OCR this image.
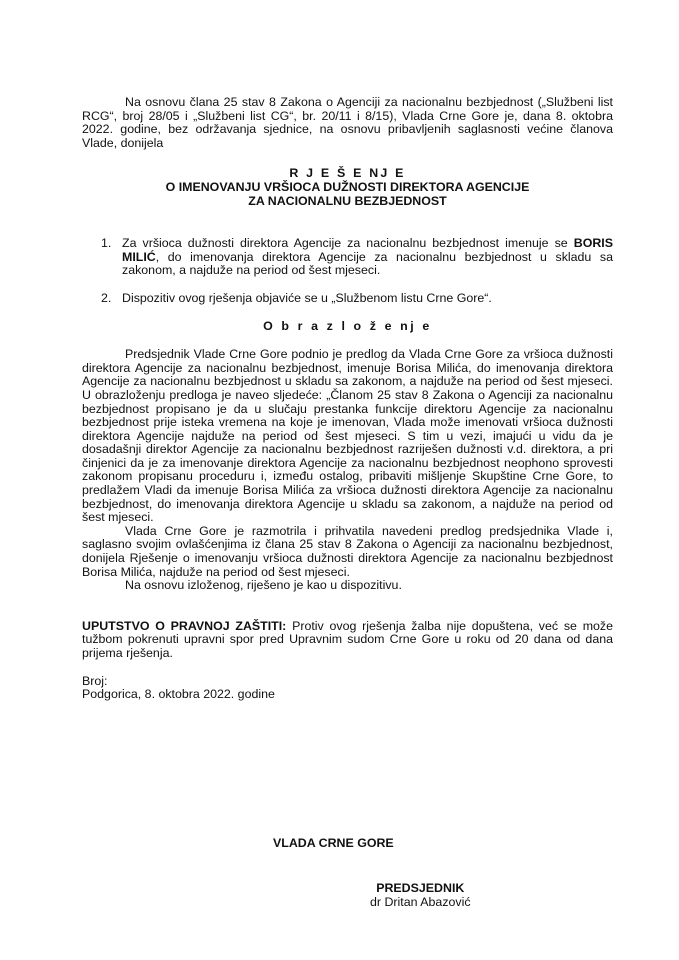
Na osnovu člana 25 stav 8 Zakona o Agenciji za nacionalnu bezbjednost („Službeni list RCG“, broj 28/05 i „Službeni list CG“, br. 20/11 i 8/15), Vlada Crne Gore je, dana 8. oktobra 2022. godine, bez održavanja sjednice, na osnovu pribavljenih saglasnosti većine članova Vlade, donijela

R J E Š E NJ E
O IMENOVANJU VRŠIOCA DUŽNOSTI DIREKTORA AGENCIJE
ZA NACIONALNU BEZBJEDNOST
1. Za vršioca dužnosti direktora Agencije za nacionalnu bezbjednost imenuje se BORIS MILIĆ, do imenovanja direktora Agencije za nacionalnu bezbjednost u skladu sa zakonom, a najduže na period od šest mjeseci.
2. Dispozitiv ovog rješenja objaviće se u „Službenom listu Crne Gore“.
O b r a z l o ž e nj e

Predsjednik Vlade Crne Gore podnio je predlog da Vlada Crne Gore za vršioca dužnosti direktora Agencije za nacionalnu bezbjednost, imenuje Borisa Milića, do imenovanja direktora Agencije za nacionalnu bezbjednost u skladu sa zakonom, a najduže na period od šest mjeseci. U obrazloženju predloga je naveo sljedeće: „Članom 25 stav 8 Zakona o Agenciji za nacionalnu bezbjednost propisano je da u slučaju prestanka funkcije direktoru Agencije za nacionalnu bezbjednost prije isteka vremena na koje je imenovan, Vlada može imenovati vršioca dužnosti direktora Agencije najduže na period od šest mjeseci. S tim u vezi, imajući u vidu da je dosadašnji direktor Agencije za nacionalnu bezbjednost razriješen dužnosti v.d. direktora, a pri činjenici da je za imenovanje direktora Agencije za nacionalnu bezbjednost neophono sprovesti zakonom propisanu proceduru i, između ostalog, pribaviti mišljenje Skupštine Crne Gore, to predlažem Vladi da imenuje Borisa Milića za vršioca dužnosti direktora Agencije za nacionalnu bezbjednost, do imenovanja direktora Agencije u skladu sa zakonom, a najduže na period od šest mjeseci.

Vlada Crne Gore je razmotrila i prihvatila navedeni predlog predsjednika Vlade i, saglasno svojim ovlašćenjima iz člana 25 stav 8 Zakona o Agenciji za nacionalnu bezbjednost, donijela Rješenje o imenovanju vršioca dužnosti direktora Agencije za nacionalnu bezbjednost Borisa Milića, najduže na period od šest mjeseci.

Na osnovu izloženog, riješeno je kao u dispozitivu.

UPUTSTVO O PRAVNOJ ZAŠTITI: Protiv ovog rješenja žalba nije dopuštena, već se može tužbom pokrenuti upravni spor pred Upravnim sudom Crne Gore u roku od 20 dana od dana prijema rješenja.

Broj:
Podgorica, 8. oktobra 2022. godine
VLADA CRNE GORE
PREDSJEDNIK
dr Dritan Abazović
